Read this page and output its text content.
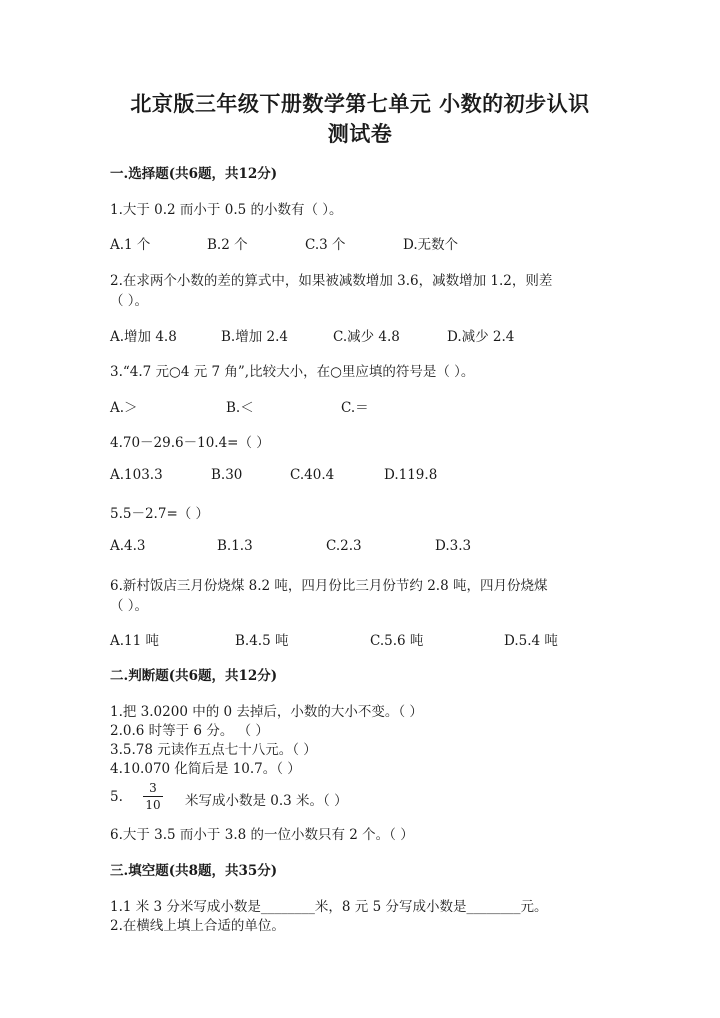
北京版三年级下册数学第七单元 小数的初步认识
测试卷
一.选择题(共6题，共12分)
1.大于 0.2 而小于 0.5 的小数有（ ）。
A.1 个	B.2 个	C.3 个	D.无数个
2.在求两个小数的差的算式中，如果被减数增加 3.6，减数增加 1.2，则差
（ ）。
A.增加 4.8	B.增加 2.4	C.减少 4.8	D.减少 2.4
3.“4.7 元○4 元 7 角”,比较大小，在○里应填的符号是（ ）。
A.＞	B.＜	C.＝
4.70－29.6－10.4=（ ）
A.103.3	B.30	C.40.4	D.119.8
5.5－2.7=（ ）
A.4.3	B.1.3	C.2.3	D.3.3
6.新村饭店三月份烧煤 8.2 吨，四月份比三月份节约 2.8 吨，四月份烧煤
（ ）。
A.11 吨	B.4.5 吨	C.5.6 吨	D.5.4 吨
二.判断题(共6题，共12分)
1.把 3.0200 中的 0 去掉后，小数的大小不变。（ ）
2.0.6 时等于 6 分。 （ ）
3.5.78 元读作五点七十八元。（ ）
4.10.070 化简后是 10.7。（ ）
5. $\frac{3}{10}$ 米写成小数是 0.3 米。（ ）
6.大于 3.5 而小于 3.8 的一位小数只有 2 个。（ ）
三.填空题(共8题，共35分)
1.1 米 3 分米写成小数是________米，8 元 5 分写成小数是________元。
2.在横线上填上合适的单位。
